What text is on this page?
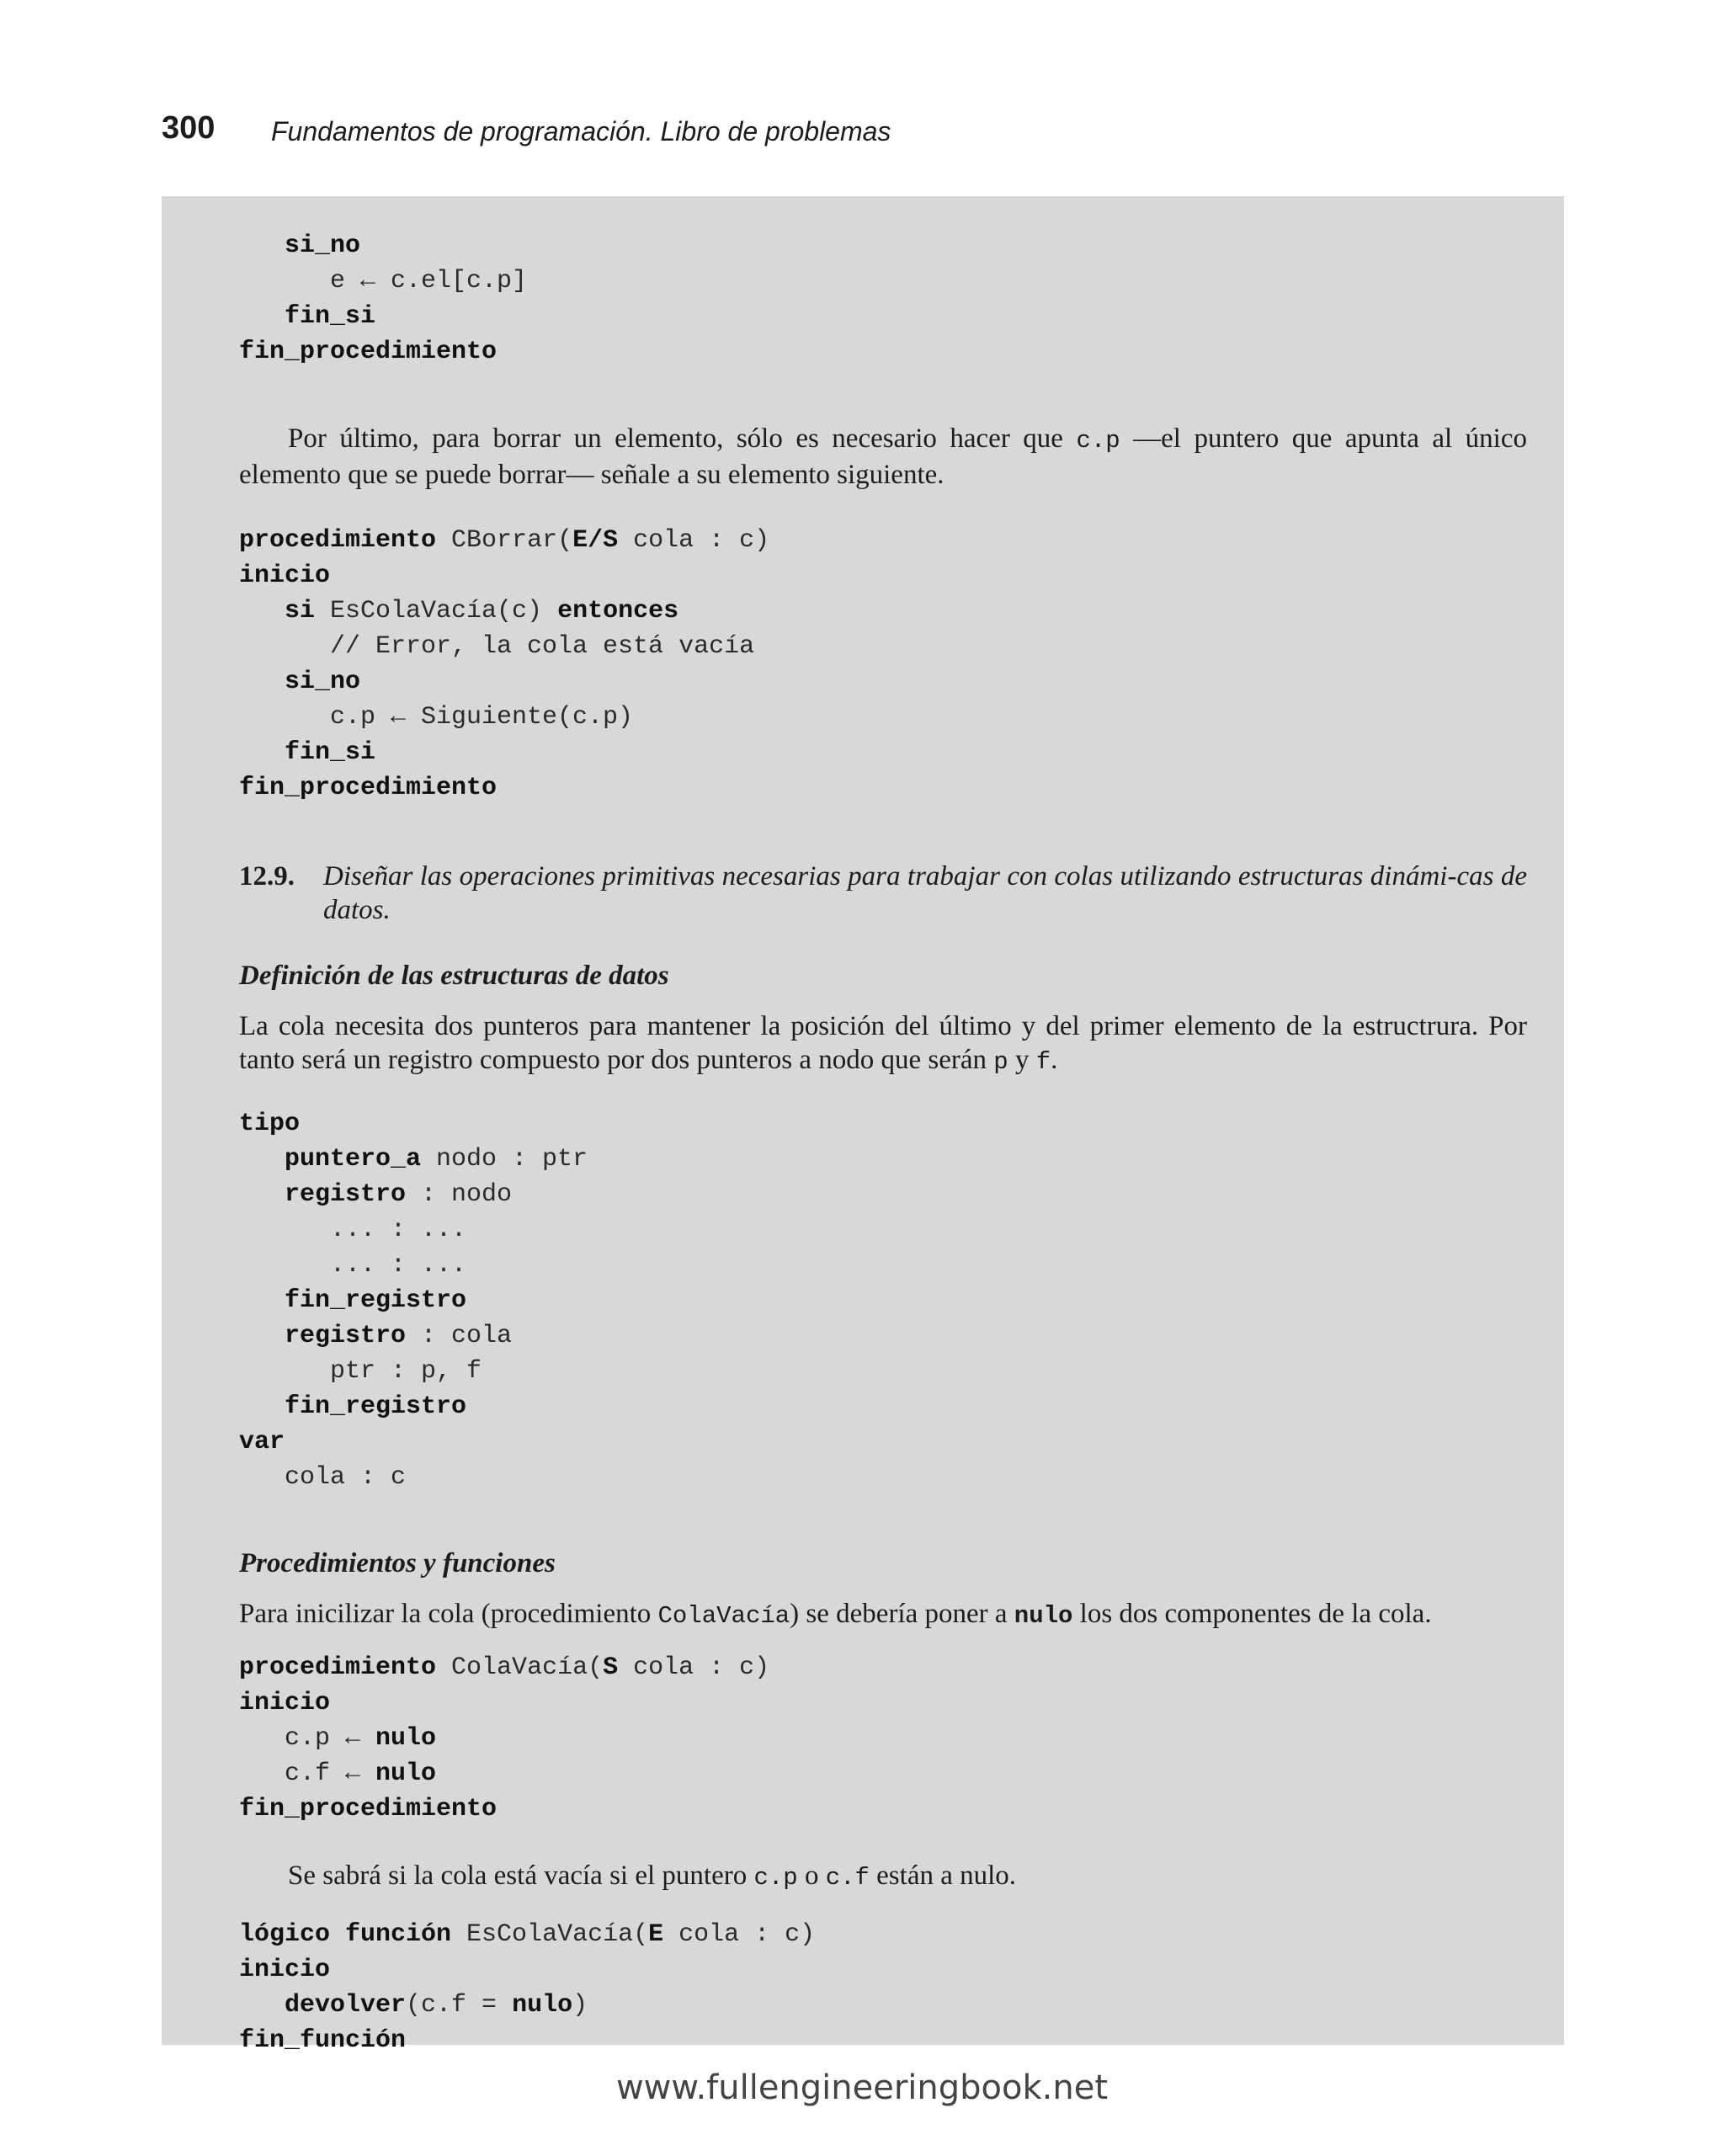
300 Fundamentos de programación. Libro de problemas
si_no
e ← c.el[c.p]
fin_si
fin_procedimiento
Por último, para borrar un elemento, sólo es necesario hacer que c.p —el puntero que apunta al único elemento que se puede borrar— señale a su elemento siguiente.
procedimiento CBorrar(E/S cola : c)
inicio
si EsColaVacía(c) entonces
// Error, la cola está vacía
si_no
c.p ← Siguiente(c.p)
fin_si
fin_procedimiento
12.9. Diseñar las operaciones primitivas necesarias para trabajar con colas utilizando estructuras dinámi-cas de datos.
Definición de las estructuras de datos
La cola necesita dos punteros para mantener la posición del último y del primer elemento de la estructrura. Por tanto será un registro compuesto por dos punteros a nodo que serán p y f.
tipo
puntero_a nodo : ptr
registro : nodo
... : ...
... : ...
fin_registro
registro : cola
ptr : p, f
fin_registro
var
cola : c
Procedimientos y funciones
Para inicilizar la cola (procedimiento ColaVacía) se debería poner a nulo los dos componentes de la cola.
procedimiento ColaVacía(S cola : c)
inicio
c.p ← nulo
c.f ← nulo
fin_procedimiento
Se sabrá si la cola está vacía si el puntero c.p o c.f están a nulo.
lógico función EsColaVacía(E cola : c)
inicio
devolver(c.f = nulo)
fin_función
www.fullengineeringbook.net
